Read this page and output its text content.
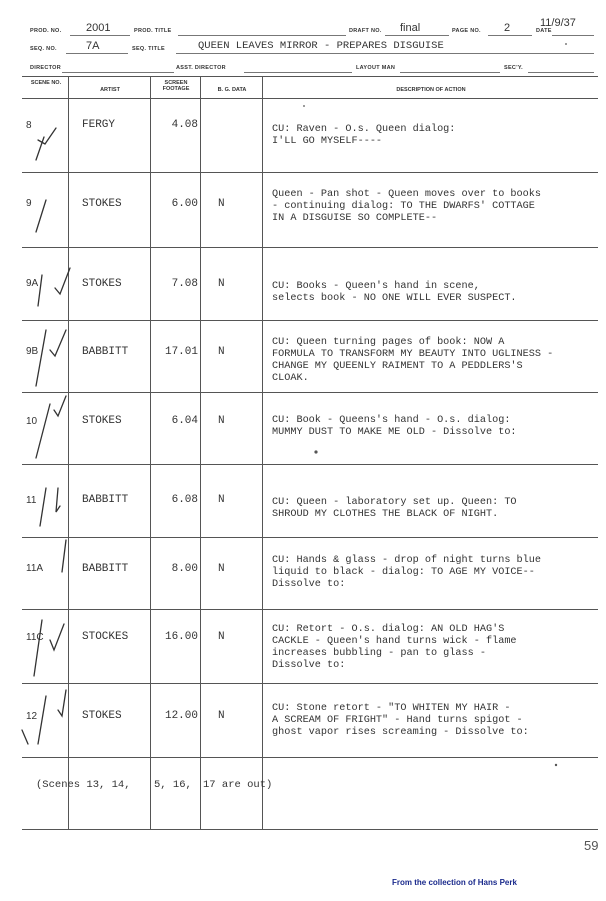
PROD. NO. 2001	PROD. TITLE	DRAFT NO. final	PAGE NO. 2	DATE
11/9/37
SEQ. NO.	7A	SEQ. TITLE	QUEEN LEAVES MIRROR - PREPARES DISGUISE
DIRECTOR	ASST. DIRECTOR	LAYOUT MAN	SEC'Y.
SCENE NO.
ARTIST
SCREEN FOOTAGE	B. G. DATA	DESCRIPTION OF ACTION
8	FERGY	4.08	CU: Raven - O.s. Queen dialog:
I'LL GO MYSELF----
9	STOKES	6.00 N
Queen - Pan shot - Queen moves over to books
- continuing dialog: TO THE DWARFS' COTTAGE
IN A DISGUISE SO COMPLETE--
9A	STOKES	7.08 N	CU: Books - Queen's hand in scene,
selects book - NO ONE WILL EVER SUSPECT.
9B	BABBITT	17.01 N
CU: Queen turning pages of book: NOW A
FORMULA TO TRANSFORM MY BEAUTY INTO UGLINESS -
CHANGE MY QUEENLY RAIMENT TO A PEDDLERS'S
CLOAK.
10	STOKES	6.04 N	CU: Book - Queens's hand - O.s. dialog:
MUMMY DUST TO MAKE ME OLD - Dissolve to:
11	BABBITT	6.08 N	CU: Queen - laboratory set up. Queen: TO
SHROUD MY CLOTHES THE BLACK OF NIGHT.
11A	BABBITT	8.00 N
CU: Hands & glass - drop of night turns blue
liquid to black - dialog: TO AGE MY VOICE--
Dissolve to:
11C	STOCKES	16.00 N
CU: Retort - O.s. dialog: AN OLD HAG'S
CACKLE - Queen's hand turns wick - flame
increases bubbling - pan to glass -
Dissolve to:
12	STOKES	12.00 N
CU: Stone retort - "TO WHITEN MY HAIR -
A SCREAM OF FRIGHT" - Hand turns spigot -
ghost vapor rises screaming - Dissolve to:
(Scenes 13, 14, 5, 16, 17 are out)
59
From the collection of Hans Perk
